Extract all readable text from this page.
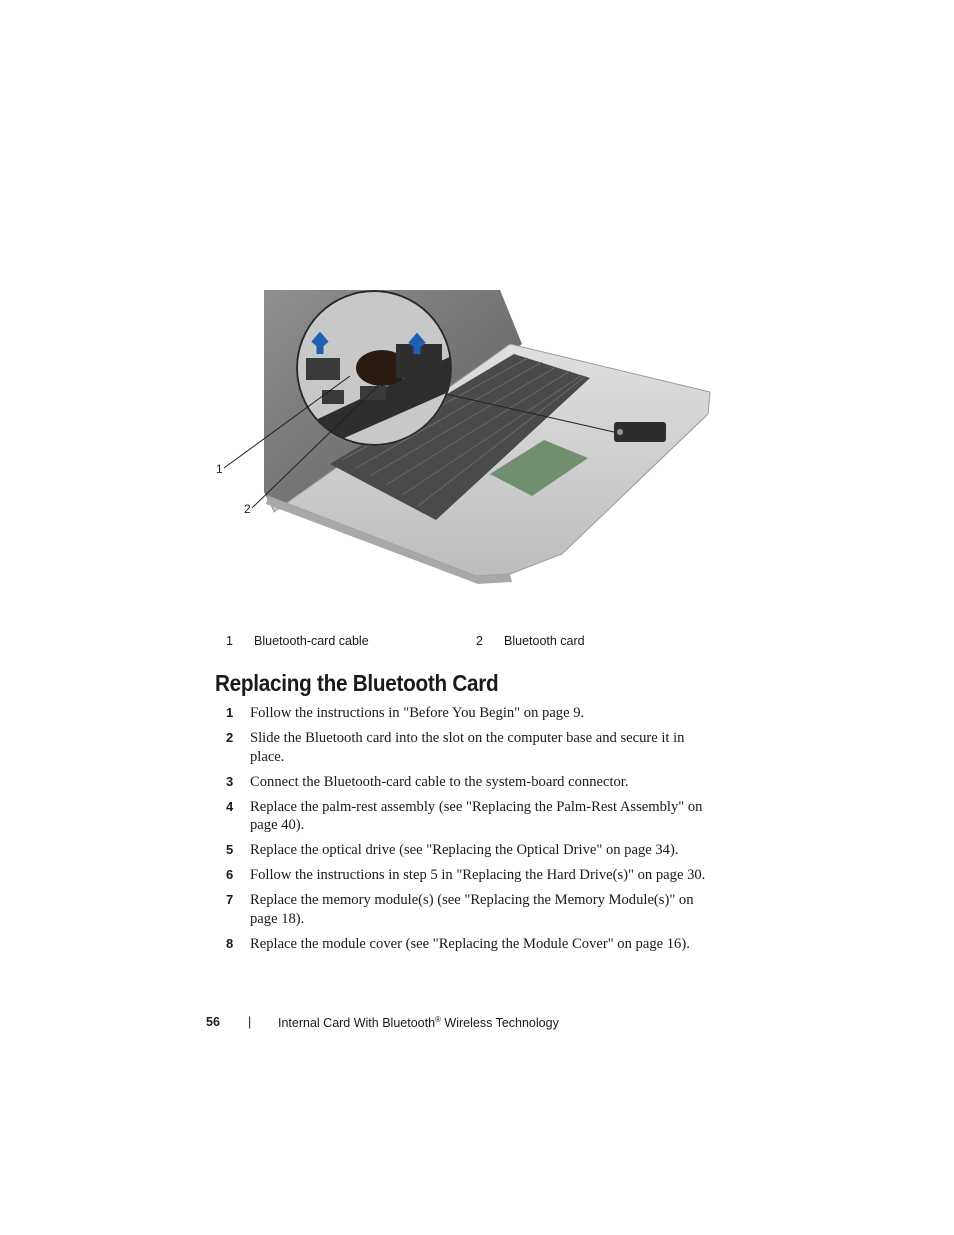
1
2
1 Bluetooth-card cable	2 Bluetooth card
Replacing the Bluetooth Card
1 Follow the instructions in "Before You Begin" on page 9.
2 Slide the Bluetooth card into the slot on the computer base and secure it in place.
3 Connect the Bluetooth-card cable to the system-board connector.
4 Replace the palm-rest assembly (see "Replacing the Palm-Rest Assembly" on page 40).
5 Replace the optical drive (see "Replacing the Optical Drive" on page 34).
6 Follow the instructions in step 5 in "Replacing the Hard Drive(s)" on page 30.
7 Replace the memory module(s) (see "Replacing the Memory Module(s)" on page 18).
8 Replace the module cover (see "Replacing the Module Cover" on page 16).
56 | Internal Card With Bluetooth® Wireless Technology
